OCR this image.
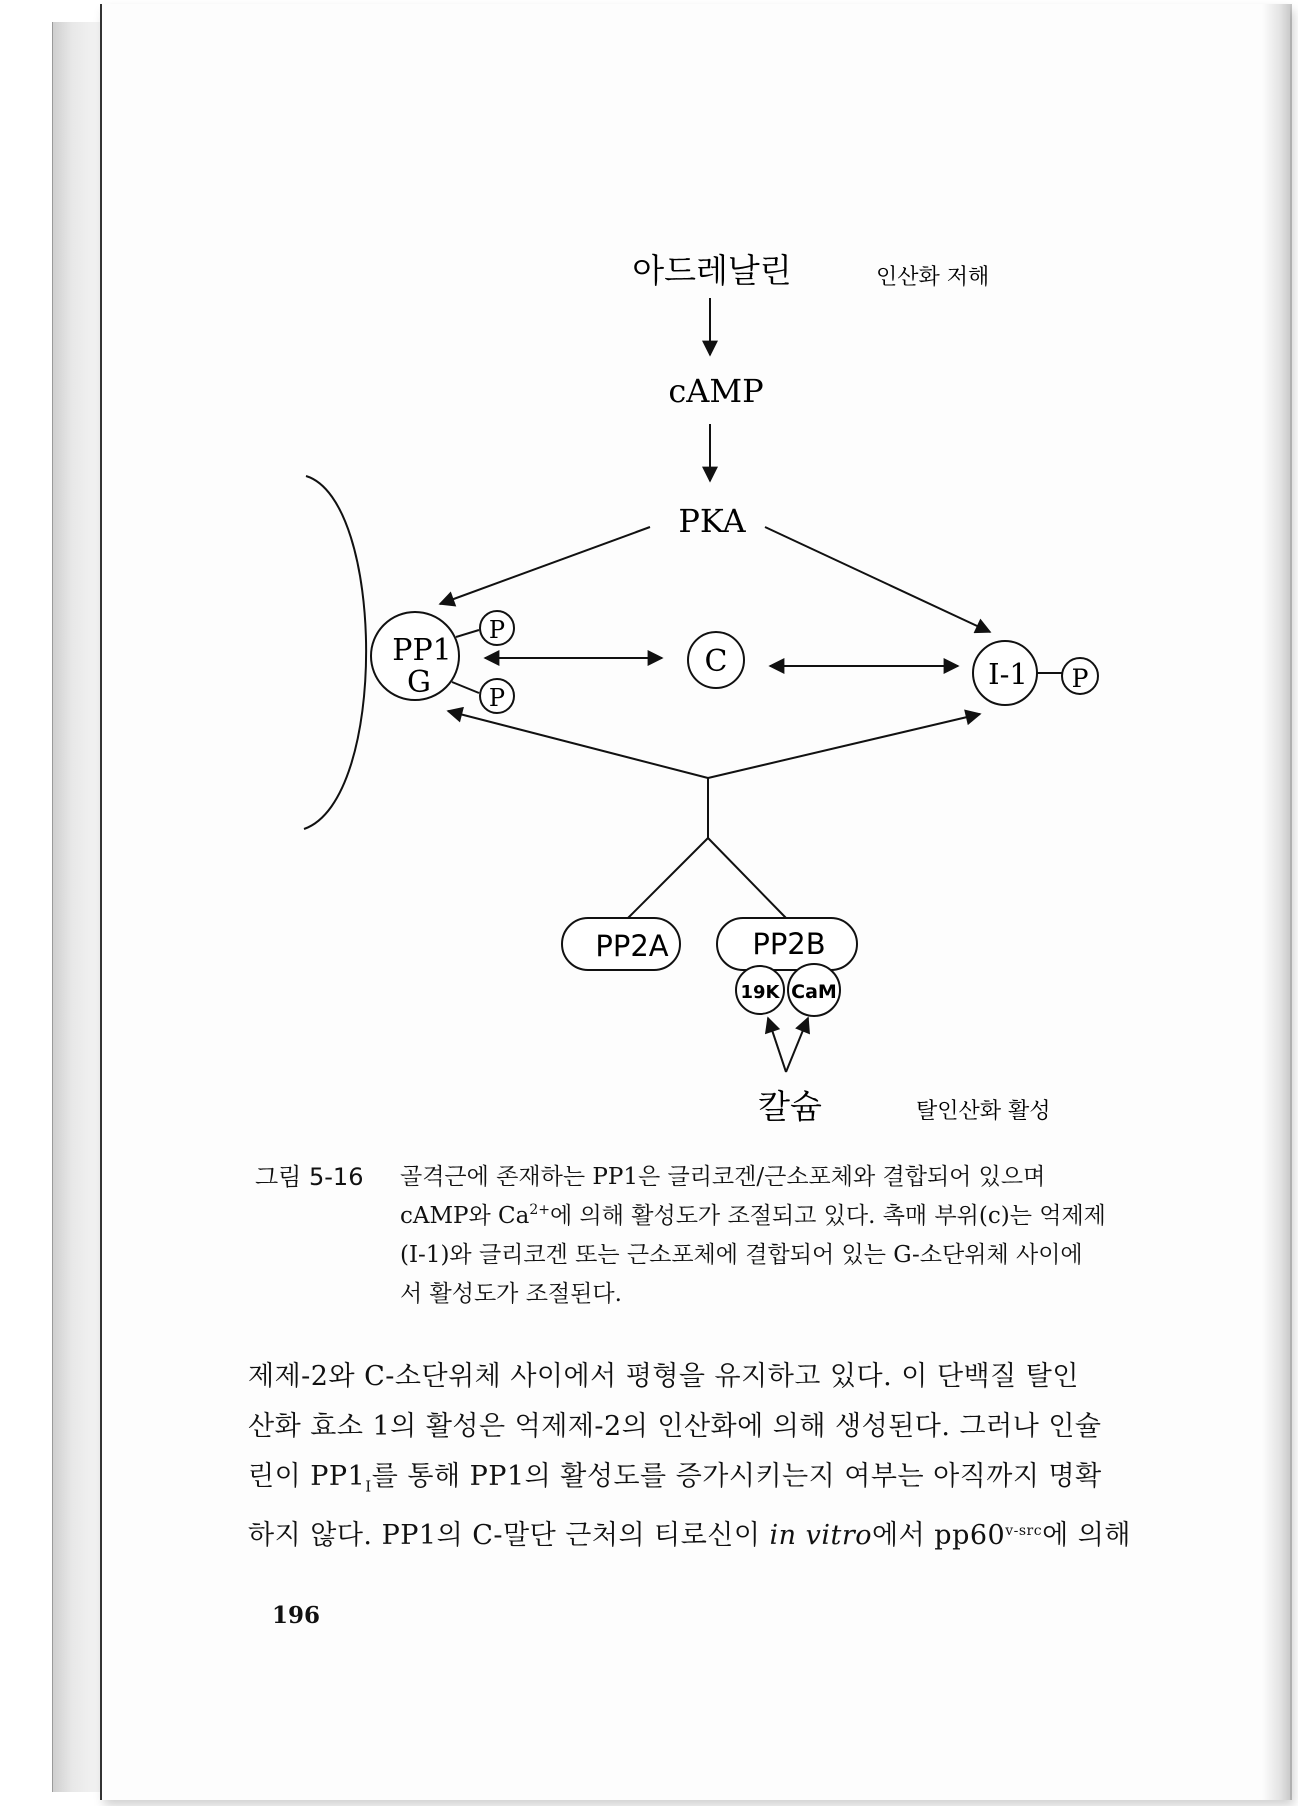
아드레날린	인산화 저해
cAMP
PKA
PP1
G
P
P
C	I-1 P
PP2A	PP2B
19K CaM
칼슘	탈인산화 활성
그림 5-16 골격근에 존재하는 PP1은 글리코겐/근소포체와 결합되어 있으며
cAMP와 $Ca^{2+}$에 의해 활성도가 조절되고 있다. 촉매 부위(c)는 억제제
(I-1)와 글리코겐 또는 근소포체에 결합되어 있는 G-소단위체 사이에
서 활성도가 조절된다.
제제-2와 C-소단위체 사이에서 평형을 유지하고 있다. 이 단백질 탈인
산화 효소 1의 활성은 억제제-2의 인산화에 의해 생성된다. 그러나 인슐
린이 $PP1_I$를 통해 PP1의 활성도를 증가시키는지 여부는 아직까지 명확
하지 않다. PP1의 C-말단 근처의 티로신이 in vitro에서 $pp60^{v-src}$에 의해
196
